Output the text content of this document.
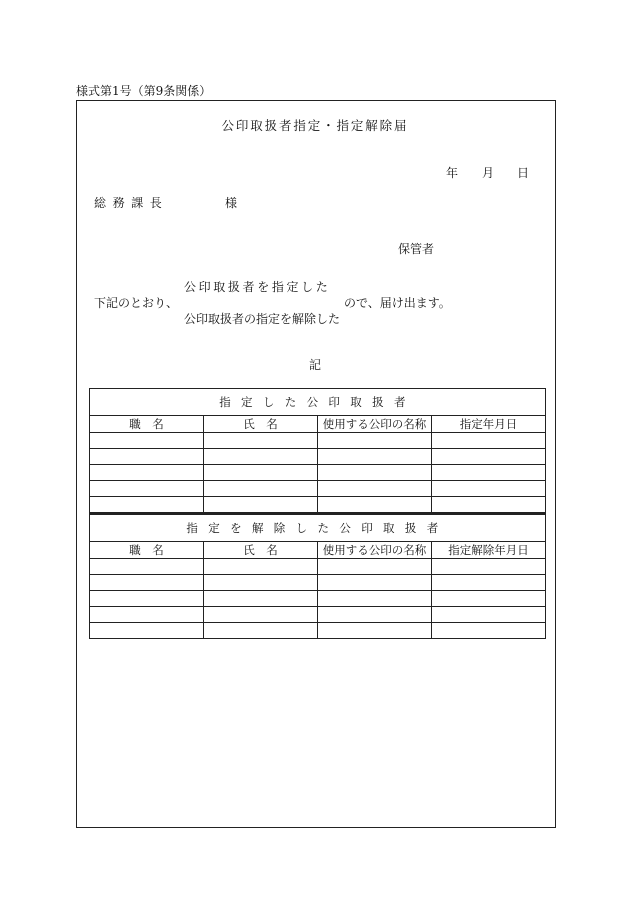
様式第1号（第9条関係）
公印取扱者指定・指定解除届
年 月 日
総務課長	様
保管者
公印取扱者を指定した
下記のとおり、	ので、届け出ます。
公印取扱者の指定を解除した
記
指定した公印取扱者			
職　名	氏　名	使用する公印の名称	指定年月日

指定を解除した公印取扱者			
職　名	氏　名	使用する公印の名称	指定解除年月日
